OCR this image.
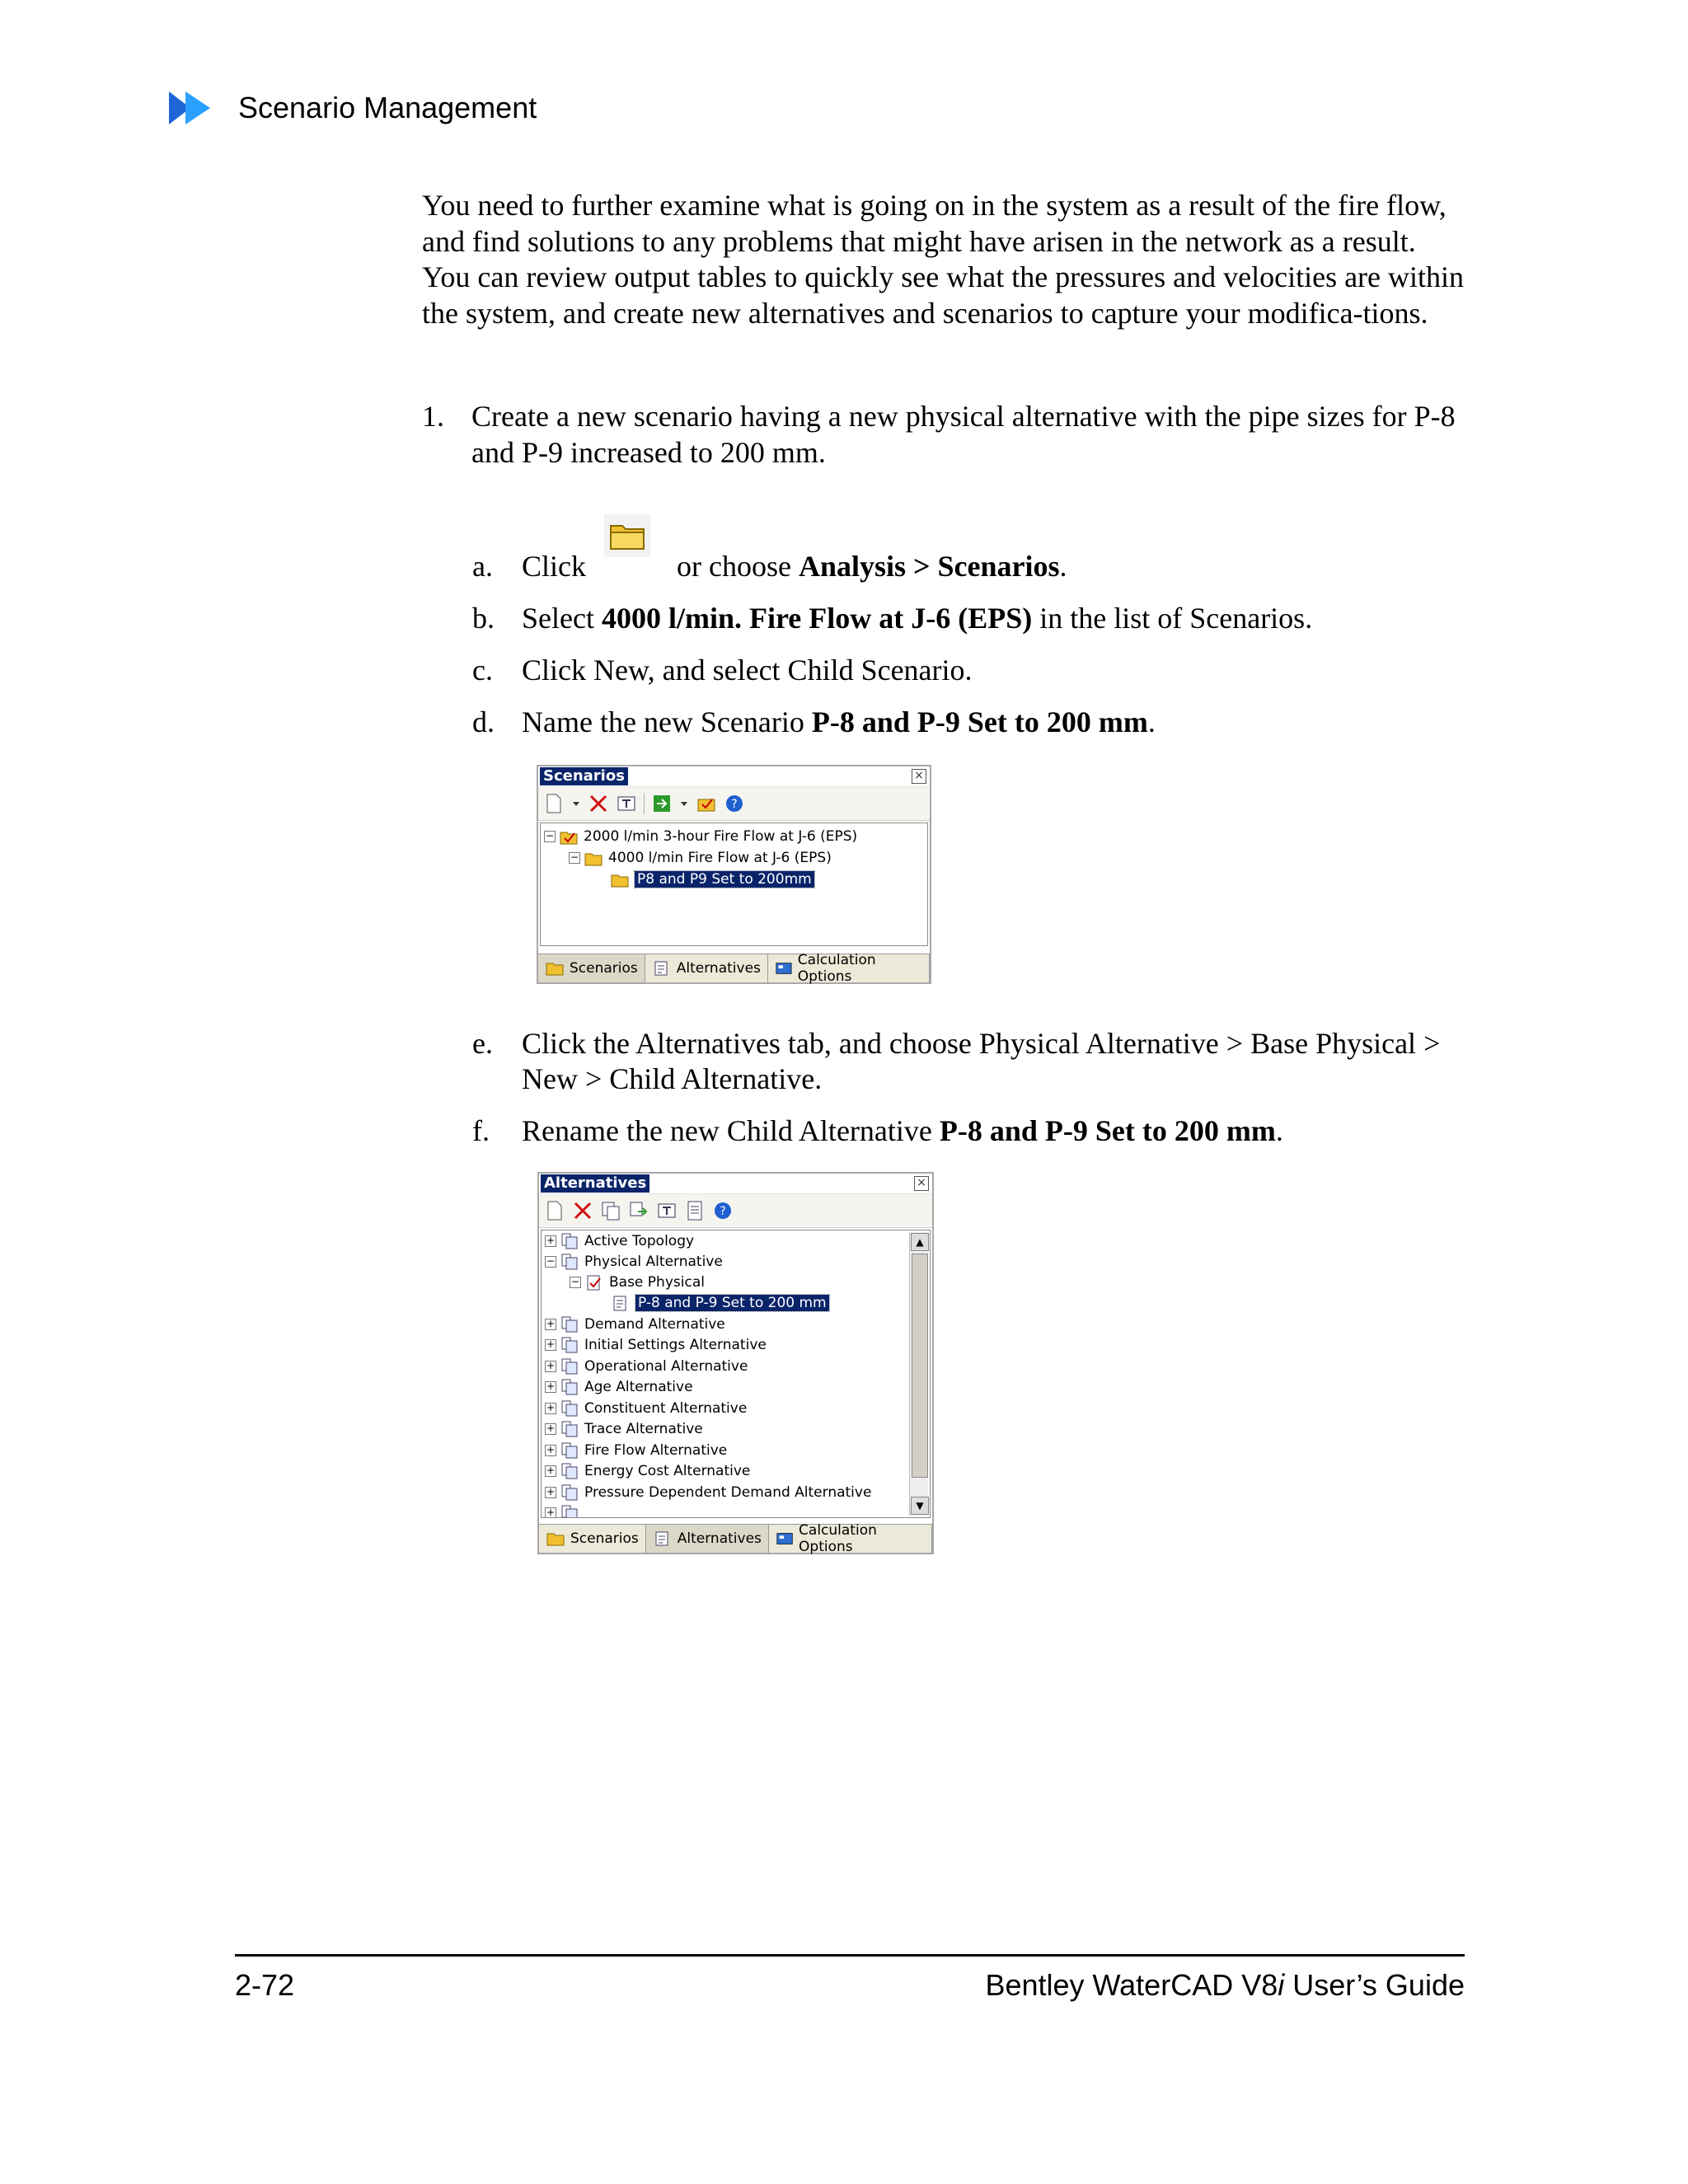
Scenario Management
You need to further examine what is going on in the system as a result of the fire flow, and find solutions to any problems that might have arisen in the network as a result. You can review output tables to quickly see what the pressures and velocities are within the system, and create new alternatives and scenarios to capture your modifica-tions.
1. Create a new scenario having a new physical alternative with the pipe sizes for P-8 and P-9 increased to 200 mm.
a. Click	or choose Analysis > Scenarios.
b. Select 4000 l/min. Fire Flow at J-6 (EPS) in the list of Scenarios.
c. Click New, and select Child Scenario.
d. Name the new Scenario P-8 and P-9 Set to 200 mm.
Scenarios	×
?
− 2000 l/min 3-hour Fire Flow at J-6 (EPS)
− 4000 l/min Fire Flow at J-6 (EPS)
P8 and P9 Set to 200mm
Scenarios	Alternatives	Calculation Options
e. Click the Alternatives tab, and choose Physical Alternative > Base Physical > New > Child Alternative.
f. Rename the new Child Alternative P-8 and P-9 Set to 200 mm.
Alternatives	×
?
+ Active Topology
− Physical Alternative
− Base Physical
P-8 and P-9 Set to 200 mm
+ Demand Alternative
+ Initial Settings Alternative
+ Operational Alternative
+ Age Alternative
+ Constituent Alternative
+ Trace Alternative
+ Fire Flow Alternative
+ Energy Cost Alternative
+ Pressure Dependent Demand Alternative
+
▲
▼
Scenarios	Alternatives	Calculation Options
2-72	Bentley WaterCAD V8i User’s Guide
